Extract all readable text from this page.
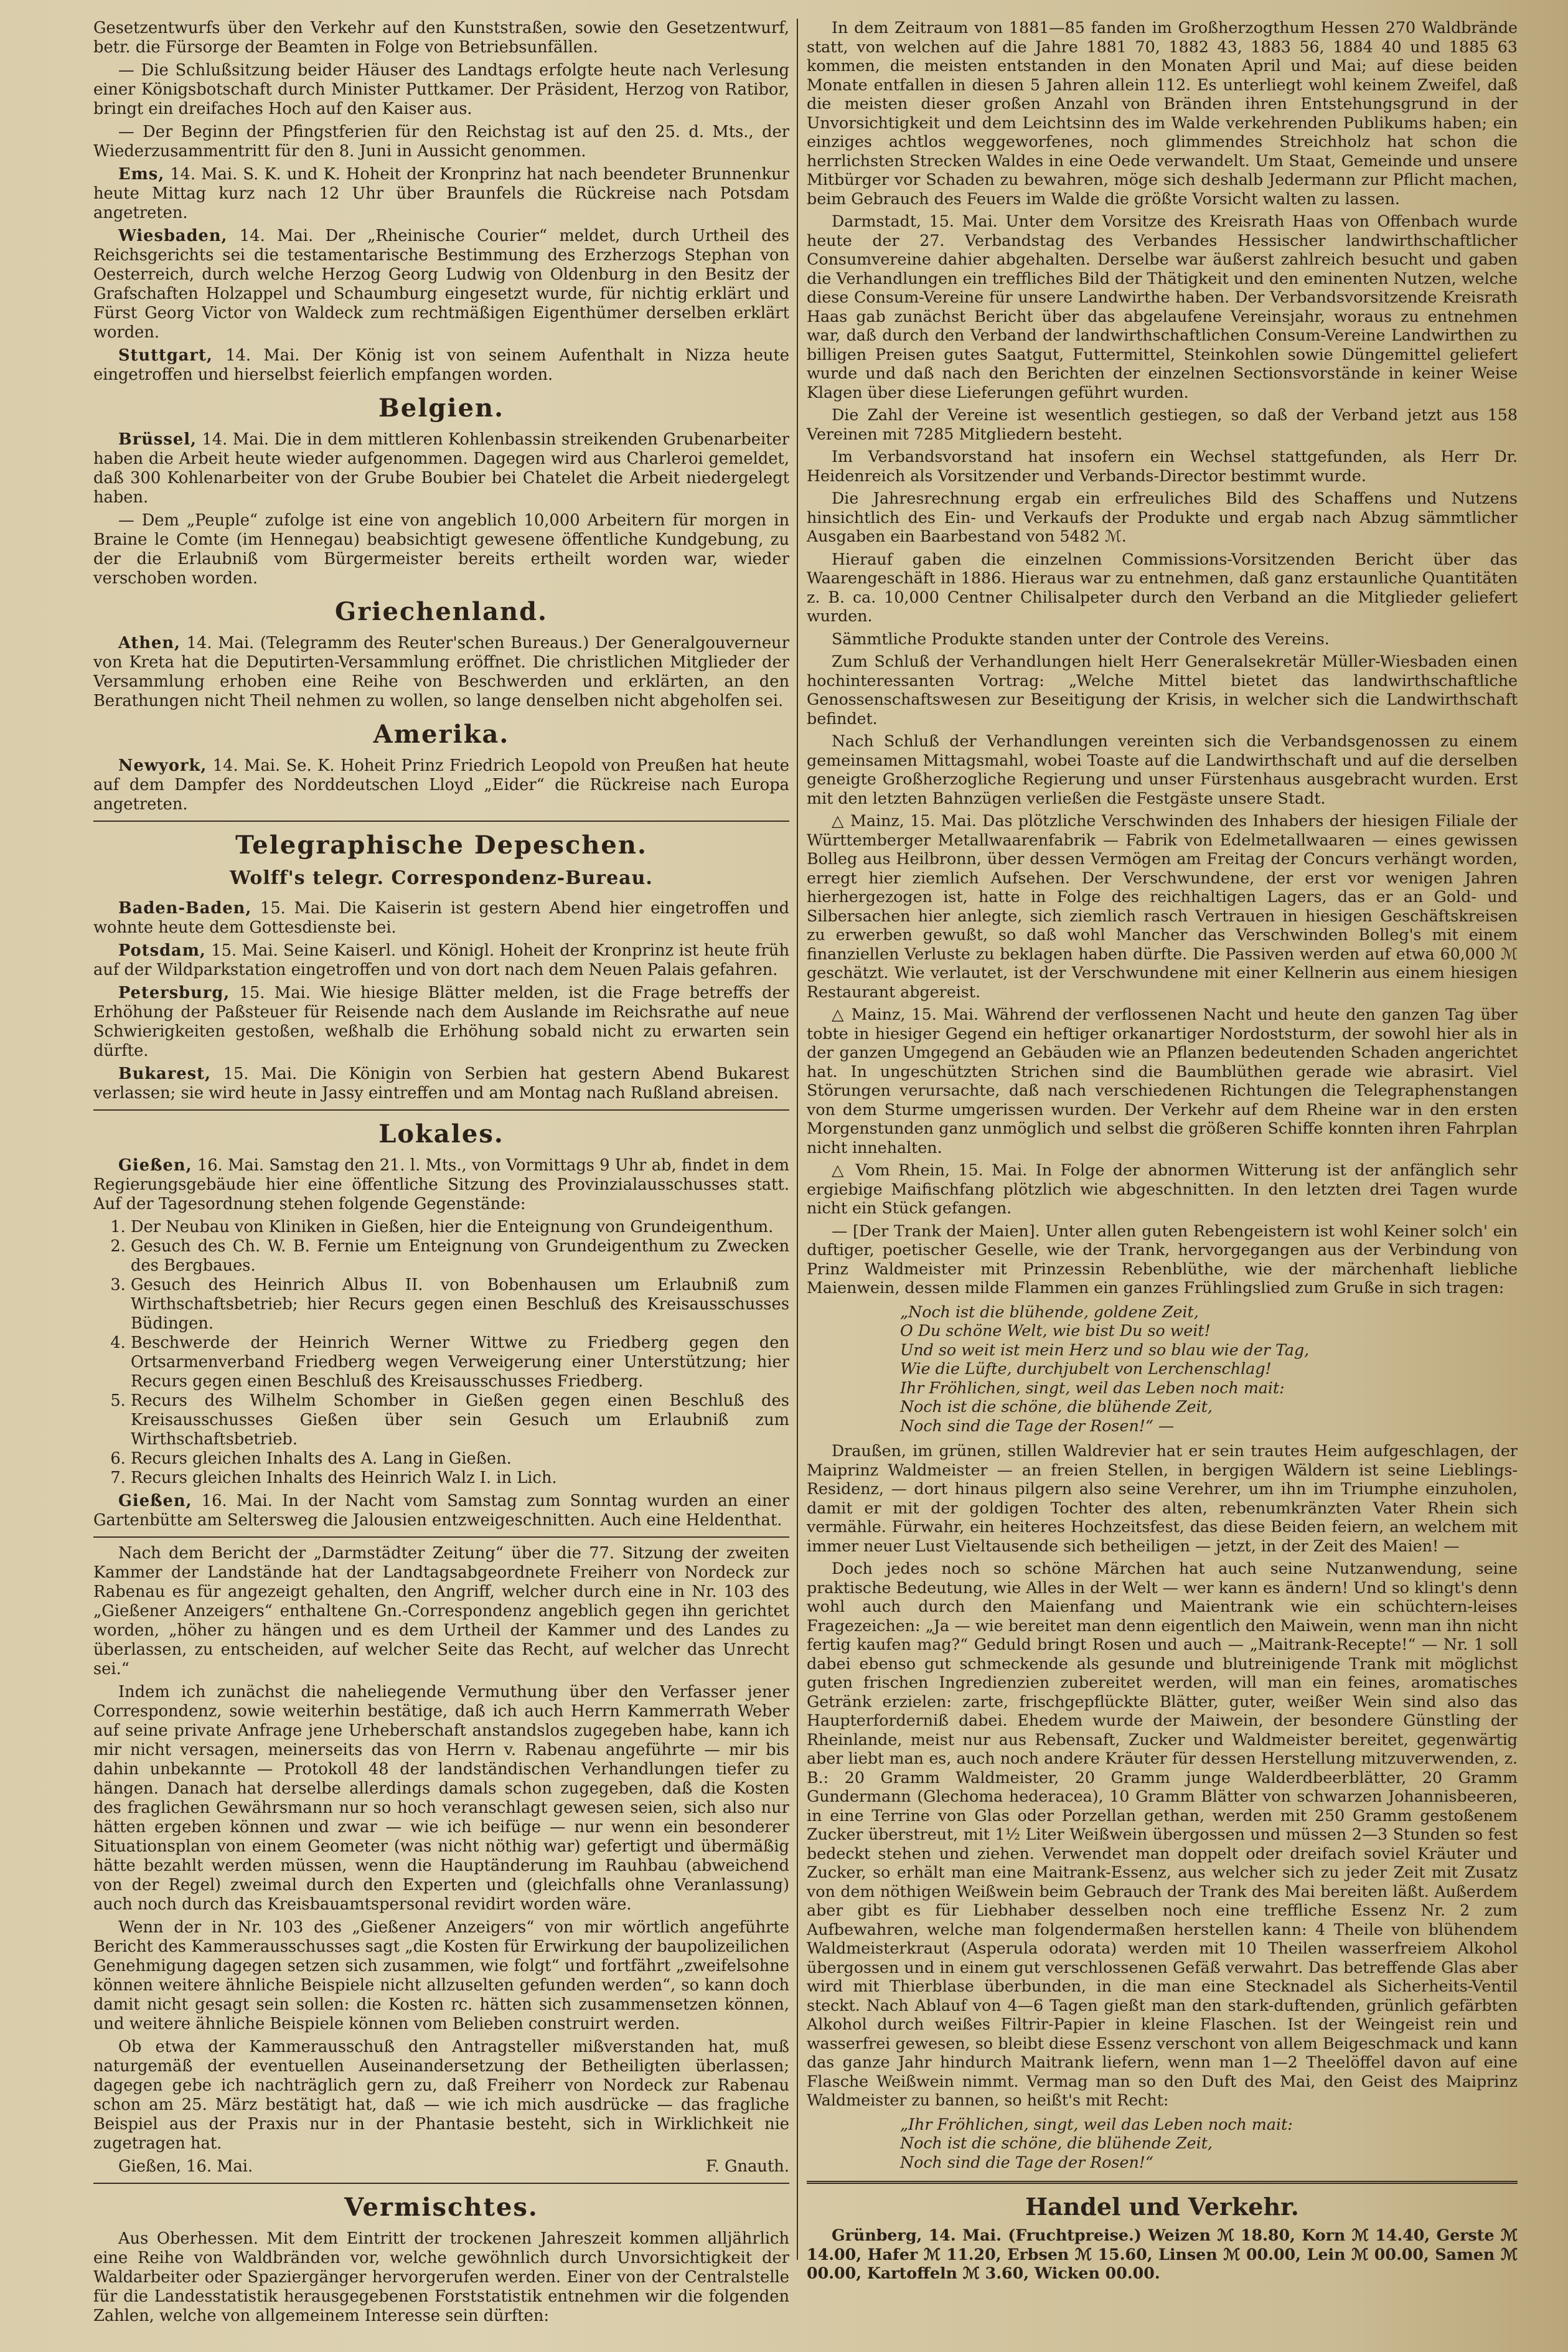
Gesetzentwurfs über den Verkehr auf den Kunststraßen, sowie den Gesetzentwurf, betr. die Fürsorge der Beamten in Folge von Betriebsunfällen.

— Die Schlußsitzung beider Häuser des Landtags erfolgte heute nach Verlesung einer Königsbotschaft durch Minister Puttkamer. Der Präsident, Herzog von Ratibor, bringt ein dreifaches Hoch auf den Kaiser aus.

— Der Beginn der Pfingstferien für den Reichstag ist auf den 25. d. Mts., der Wiederzusammentritt für den 8. Juni in Aussicht genommen.

Ems, 14. Mai. S. K. und K. Hoheit der Kronprinz hat nach beendeter Brunnenkur heute Mittag kurz nach 12 Uhr über Braunfels die Rückreise nach Potsdam angetreten.

Wiesbaden, 14. Mai. Der „Rheinische Courier“ meldet, durch Urtheil des Reichsgerichts sei die testamentarische Bestimmung des Erzherzogs Stephan von Oesterreich, durch welche Herzog Georg Ludwig von Oldenburg in den Besitz der Grafschaften Holzappel und Schaumburg eingesetzt wurde, für nichtig erklärt und Fürst Georg Victor von Waldeck zum rechtmäßigen Eigenthümer derselben erklärt worden.

Stuttgart, 14. Mai. Der König ist von seinem Aufenthalt in Nizza heute eingetroffen und hierselbst feierlich empfangen worden.

Belgien.

Brüssel, 14. Mai. Die in dem mittleren Kohlenbassin streikenden Grubenarbeiter haben die Arbeit heute wieder aufgenommen. Dagegen wird aus Charleroi gemeldet, daß 300 Kohlenarbeiter von der Grube Boubier bei Chatelet die Arbeit niedergelegt haben.

— Dem „Peuple“ zufolge ist eine von angeblich 10,000 Arbeitern für morgen in Braine le Comte (im Hennegau) beabsichtigt gewesene öffentliche Kundgebung, zu der die Erlaubniß vom Bürgermeister bereits ertheilt worden war, wieder verschoben worden.

Griechenland.

Athen, 14. Mai. (Telegramm des Reuter'schen Bureaus.) Der Generalgouverneur von Kreta hat die Deputirten-Versammlung eröffnet. Die christlichen Mitglieder der Versammlung erhoben eine Reihe von Beschwerden und erklärten, an den Berathungen nicht Theil nehmen zu wollen, so lange denselben nicht abgeholfen sei.

Amerika.

Newyork, 14. Mai. Se. K. Hoheit Prinz Friedrich Leopold von Preußen hat heute auf dem Dampfer des Norddeutschen Lloyd „Eider“ die Rückreise nach Europa angetreten.

Telegraphische Depeschen.
Wolff's telegr. Correspondenz-Bureau.

Baden-Baden, 15. Mai. Die Kaiserin ist gestern Abend hier eingetroffen und wohnte heute dem Gottesdienste bei.

Potsdam, 15. Mai. Seine Kaiserl. und Königl. Hoheit der Kronprinz ist heute früh auf der Wildparkstation eingetroffen und von dort nach dem Neuen Palais gefahren.

Petersburg, 15. Mai. Wie hiesige Blätter melden, ist die Frage betreffs der Erhöhung der Paßsteuer für Reisende nach dem Auslande im Reichsrathe auf neue Schwierigkeiten gestoßen, weßhalb die Erhöhung sobald nicht zu erwarten sein dürfte.

Bukarest, 15. Mai. Die Königin von Serbien hat gestern Abend Bukarest verlassen; sie wird heute in Jassy eintreffen und am Montag nach Rußland abreisen.

Lokales.

Gießen, 16. Mai. Samstag den 21. l. Mts., von Vormittags 9 Uhr ab, findet in dem Regierungsgebäude hier eine öffentliche Sitzung des Provinzialausschusses statt. Auf der Tagesordnung stehen folgende Gegenstände:

1. Der Neubau von Kliniken in Gießen, hier die Enteignung von Grundeigenthum.
2. Gesuch des Ch. W. B. Fernie um Enteignung von Grundeigenthum zu Zwecken des Bergbaues.
3. Gesuch des Heinrich Albus II. von Bobenhausen um Erlaubniß zum Wirthschaftsbetrieb; hier Recurs gegen einen Beschluß des Kreisausschusses Büdingen.
4. Beschwerde der Heinrich Werner Wittwe zu Friedberg gegen den Ortsarmenverband Friedberg wegen Verweigerung einer Unterstützung; hier Recurs gegen einen Beschluß des Kreisausschusses Friedberg.
5. Recurs des Wilhelm Schomber in Gießen gegen einen Beschluß des Kreisausschusses Gießen über sein Gesuch um Erlaubniß zum Wirthschaftsbetrieb.
6. Recurs gleichen Inhalts des A. Lang in Gießen.
7. Recurs gleichen Inhalts des Heinrich Walz I. in Lich.

Gießen, 16. Mai. In der Nacht vom Samstag zum Sonntag wurden an einer Gartenbütte am Seltersweg die Jalousien entzweigeschnitten. Auch eine Heldenthat.

Nach dem Bericht der „Darmstädter Zeitung“ über die 77. Sitzung der zweiten Kammer der Landstände hat der Landtagsabgeordnete Freiherr von Nordeck zur Rabenau es für angezeigt gehalten, den Angriff, welcher durch eine in Nr. 103 des „Gießener Anzeigers“ enthaltene Gn.-Correspondenz angeblich gegen ihn gerichtet worden, „höher zu hängen und es dem Urtheil der Kammer und des Landes zu überlassen, zu entscheiden, auf welcher Seite das Recht, auf welcher das Unrecht sei.“

Indem ich zunächst die naheliegende Vermuthung über den Verfasser jener Correspondenz, sowie weiterhin bestätige, daß ich auch Herrn Kammerrath Weber auf seine private Anfrage jene Urheberschaft anstandslos zugegeben habe, kann ich mir nicht versagen, meinerseits das von Herrn v. Rabenau angeführte — mir bis dahin unbekannte — Protokoll 48 der landständischen Verhandlungen tiefer zu hängen. Danach hat derselbe allerdings damals schon zugegeben, daß die Kosten des fraglichen Gewährsmann nur so hoch veranschlagt gewesen seien, sich also nur hätten ergeben können und zwar — wie ich beifüge — nur wenn ein besonderer Situationsplan von einem Geometer (was nicht nöthig war) gefertigt und übermäßig hätte bezahlt werden müssen, wenn die Hauptänderung im Rauhbau (abweichend von der Regel) zweimal durch den Experten und (gleichfalls ohne Veranlassung) auch noch durch das Kreisbauamtspersonal revidirt worden wäre.

Wenn der in Nr. 103 des „Gießener Anzeigers“ von mir wörtlich angeführte Bericht des Kammerausschusses sagt „die Kosten für Erwirkung der baupolizeilichen Genehmigung dagegen setzen sich zusammen, wie folgt“ und fortfährt „zweifelsohne können weitere ähnliche Beispiele nicht allzuselten gefunden werden“, so kann doch damit nicht gesagt sein sollen: die Kosten rc. hätten sich zusammensetzen können, und weitere ähnliche Beispiele können vom Belieben construirt werden.

Ob etwa der Kammerausschuß den Antragsteller mißverstanden hat, muß naturgemäß der eventuellen Auseinandersetzung der Betheiligten überlassen; dagegen gebe ich nachträglich gern zu, daß Freiherr von Nordeck zur Rabenau schon am 25. März bestätigt hat, daß — wie ich mich ausdrücke — das fragliche Beispiel aus der Praxis nur in der Phantasie besteht, sich in Wirklichkeit nie zugetragen hat.

Gießen, 16. Mai.	F. Gnauth.
Vermischtes.

Aus Oberhessen. Mit dem Eintritt der trockenen Jahreszeit kommen alljährlich eine Reihe von Waldbränden vor, welche gewöhnlich durch Unvorsichtigkeit der Waldarbeiter oder Spaziergänger hervorgerufen werden. Einer von der Centralstelle für die Landesstatistik herausgegebenen Forststatistik entnehmen wir die folgenden Zahlen, welche von allgemeinem Interesse sein dürften:

In dem Zeitraum von 1881—85 fanden im Großherzogthum Hessen 270 Waldbrände statt, von welchen auf die Jahre 1881 70, 1882 43, 1883 56, 1884 40 und 1885 63 kommen, die meisten entstanden in den Monaten April und Mai; auf diese beiden Monate entfallen in diesen 5 Jahren allein 112. Es unterliegt wohl keinem Zweifel, daß die meisten dieser großen Anzahl von Bränden ihren Entstehungsgrund in der Unvorsichtigkeit und dem Leichtsinn des im Walde verkehrenden Publikums haben; ein einziges achtlos weggeworfenes, noch glimmendes Streichholz hat schon die herrlichsten Strecken Waldes in eine Oede verwandelt. Um Staat, Gemeinde und unsere Mitbürger vor Schaden zu bewahren, möge sich deshalb Jedermann zur Pflicht machen, beim Gebrauch des Feuers im Walde die größte Vorsicht walten zu lassen.

Darmstadt, 15. Mai. Unter dem Vorsitze des Kreisrath Haas von Offenbach wurde heute der 27. Verbandstag des Verbandes Hessischer landwirthschaftlicher Consumvereine dahier abgehalten. Derselbe war äußerst zahlreich besucht und gaben die Verhandlungen ein treffliches Bild der Thätigkeit und den eminenten Nutzen, welche diese Consum-Vereine für unsere Landwirthe haben. Der Verbandsvorsitzende Kreisrath Haas gab zunächst Bericht über das abgelaufene Vereinsjahr, woraus zu entnehmen war, daß durch den Verband der landwirthschaftlichen Consum-Vereine Landwirthen zu billigen Preisen gutes Saatgut, Futtermittel, Steinkohlen sowie Düngemittel geliefert wurde und daß nach den Berichten der einzelnen Sectionsvorstände in keiner Weise Klagen über diese Lieferungen geführt wurden.

Die Zahl der Vereine ist wesentlich gestiegen, so daß der Verband jetzt aus 158 Vereinen mit 7285 Mitgliedern besteht.

Im Verbandsvorstand hat insofern ein Wechsel stattgefunden, als Herr Dr. Heidenreich als Vorsitzender und Verbands-Director bestimmt wurde.

Die Jahresrechnung ergab ein erfreuliches Bild des Schaffens und Nutzens hinsichtlich des Ein- und Verkaufs der Produkte und ergab nach Abzug sämmtlicher Ausgaben ein Baarbestand von 5482 ℳ.

Hierauf gaben die einzelnen Commissions-Vorsitzenden Bericht über das Waarengeschäft in 1886. Hieraus war zu entnehmen, daß ganz erstaunliche Quantitäten z. B. ca. 10,000 Centner Chilisalpeter durch den Verband an die Mitglieder geliefert wurden.

Sämmtliche Produkte standen unter der Controle des Vereins.

Zum Schluß der Verhandlungen hielt Herr Generalsekretär Müller-Wiesbaden einen hochinteressanten Vortrag: „Welche Mittel bietet das landwirthschaftliche Genossenschaftswesen zur Beseitigung der Krisis, in welcher sich die Landwirthschaft befindet.

Nach Schluß der Verhandlungen vereinten sich die Verbandsgenossen zu einem gemeinsamen Mittagsmahl, wobei Toaste auf die Landwirthschaft und auf die derselben geneigte Großherzogliche Regierung und unser Fürstenhaus ausgebracht wurden. Erst mit den letzten Bahnzügen verließen die Festgäste unsere Stadt.

△ Mainz, 15. Mai. Das plötzliche Verschwinden des Inhabers der hiesigen Filiale der Württemberger Metallwaarenfabrik — Fabrik von Edelmetallwaaren — eines gewissen Bolleg aus Heilbronn, über dessen Vermögen am Freitag der Concurs verhängt worden, erregt hier ziemlich Aufsehen. Der Verschwundene, der erst vor wenigen Jahren hierhergezogen ist, hatte in Folge des reichhaltigen Lagers, das er an Gold- und Silbersachen hier anlegte, sich ziemlich rasch Vertrauen in hiesigen Geschäftskreisen zu erwerben gewußt, so daß wohl Mancher das Verschwinden Bolleg's mit einem finanziellen Verluste zu beklagen haben dürfte. Die Passiven werden auf etwa 60,000 ℳ geschätzt. Wie verlautet, ist der Verschwundene mit einer Kellnerin aus einem hiesigen Restaurant abgereist.

△ Mainz, 15. Mai. Während der verflossenen Nacht und heute den ganzen Tag über tobte in hiesiger Gegend ein heftiger orkanartiger Nordoststurm, der sowohl hier als in der ganzen Umgegend an Gebäuden wie an Pflanzen bedeutenden Schaden angerichtet hat. In ungeschützten Strichen sind die Baumblüthen gerade wie abrasirt. Viel Störungen verursachte, daß nach verschiedenen Richtungen die Telegraphenstangen von dem Sturme umgerissen wurden. Der Verkehr auf dem Rheine war in den ersten Morgenstunden ganz unmöglich und selbst die größeren Schiffe konnten ihren Fahrplan nicht innehalten.

△ Vom Rhein, 15. Mai. In Folge der abnormen Witterung ist der anfänglich sehr ergiebige Maifischfang plötzlich wie abgeschnitten. In den letzten drei Tagen wurde nicht ein Stück gefangen.

— [Der Trank der Maien]. Unter allen guten Rebengeistern ist wohl Keiner solch' ein duftiger, poetischer Geselle, wie der Trank, hervorgegangen aus der Verbindung von Prinz Waldmeister mit Prinzessin Rebenblüthe, wie der märchenhaft liebliche Maienwein, dessen milde Flammen ein ganzes Frühlingslied zum Gruße in sich tragen:

„Noch ist die blühende, goldene Zeit,
O Du schöne Welt, wie bist Du so weit!
Und so weit ist mein Herz und so blau wie der Tag,
Wie die Lüfte, durchjubelt von Lerchenschlag!
Ihr Fröhlichen, singt, weil das Leben noch mait:
Noch ist die schöne, die blühende Zeit,
Noch sind die Tage der Rosen!“ —

Draußen, im grünen, stillen Waldrevier hat er sein trautes Heim aufgeschlagen, der Maiprinz Waldmeister — an freien Stellen, in bergigen Wäldern ist seine Lieblings-Residenz, — dort hinaus pilgern also seine Verehrer, um ihn im Triumphe einzuholen, damit er mit der goldigen Tochter des alten, rebenumkränzten Vater Rhein sich vermähle. Fürwahr, ein heiteres Hochzeitsfest, das diese Beiden feiern, an welchem mit immer neuer Lust Vieltausende sich betheiligen — jetzt, in der Zeit des Maien! —

Doch jedes noch so schöne Märchen hat auch seine Nutzanwendung, seine praktische Bedeutung, wie Alles in der Welt — wer kann es ändern! Und so klingt's denn wohl auch durch den Maienfang und Maientrank wie ein schüchtern-leises Fragezeichen: „Ja — wie bereitet man denn eigentlich den Maiwein, wenn man ihn nicht fertig kaufen mag?“ Geduld bringt Rosen und auch — „Maitrank-Recepte!“ — Nr. 1 soll dabei ebenso gut schmeckende als gesunde und blutreinigende Trank mit möglichst guten frischen Ingredienzien zubereitet werden, will man ein feines, aromatisches Getränk erzielen: zarte, frischgepflückte Blätter, guter, weißer Wein sind also das Haupterforderniß dabei. Ehedem wurde der Maiwein, der besondere Günstling der Rheinlande, meist nur aus Rebensaft, Zucker und Waldmeister bereitet, gegenwärtig aber liebt man es, auch noch andere Kräuter für dessen Herstellung mitzuverwenden, z. B.: 20 Gramm Waldmeister, 20 Gramm junge Walderdbeerblätter, 20 Gramm Gundermann (Glechoma hederacea), 10 Gramm Blätter von schwarzen Johannisbeeren, in eine Terrine von Glas oder Porzellan gethan, werden mit 250 Gramm gestoßenem Zucker überstreut, mit 1½ Liter Weißwein übergossen und müssen 2—3 Stunden so fest bedeckt stehen und ziehen. Verwendet man doppelt oder dreifach soviel Kräuter und Zucker, so erhält man eine Maitrank-Essenz, aus welcher sich zu jeder Zeit mit Zusatz von dem nöthigen Weißwein beim Gebrauch der Trank des Mai bereiten läßt. Außerdem aber gibt es für Liebhaber desselben noch eine treffliche Essenz Nr. 2 zum Aufbewahren, welche man folgendermaßen herstellen kann: 4 Theile von blühendem Waldmeisterkraut (Asperula odorata) werden mit 10 Theilen wasserfreiem Alkohol übergossen und in einem gut verschlossenen Gefäß verwahrt. Das betreffende Glas aber wird mit Thierblase überbunden, in die man eine Stecknadel als Sicherheits-Ventil steckt. Nach Ablauf von 4—6 Tagen gießt man den stark-duftenden, grünlich gefärbten Alkohol durch weißes Filtrir-Papier in kleine Flaschen. Ist der Weingeist rein und wasserfrei gewesen, so bleibt diese Essenz verschont von allem Beigeschmack und kann das ganze Jahr hindurch Maitrank liefern, wenn man 1—2 Theelöffel davon auf eine Flasche Weißwein nimmt. Vermag man so den Duft des Mai, den Geist des Maiprinz Waldmeister zu bannen, so heißt's mit Recht:

„Ihr Fröhlichen, singt, weil das Leben noch mait:
Noch ist die schöne, die blühende Zeit,
Noch sind die Tage der Rosen!“
Handel und Verkehr.

Grünberg, 14. Mai. (Fruchtpreise.) Weizen ℳ 18.80, Korn ℳ 14.40, Gerste ℳ 14.00, Hafer ℳ 11.20, Erbsen ℳ 15.60, Linsen ℳ 00.00, Lein ℳ 00.00, Samen ℳ 00.00, Kartoffeln ℳ 3.60, Wicken 00.00.
